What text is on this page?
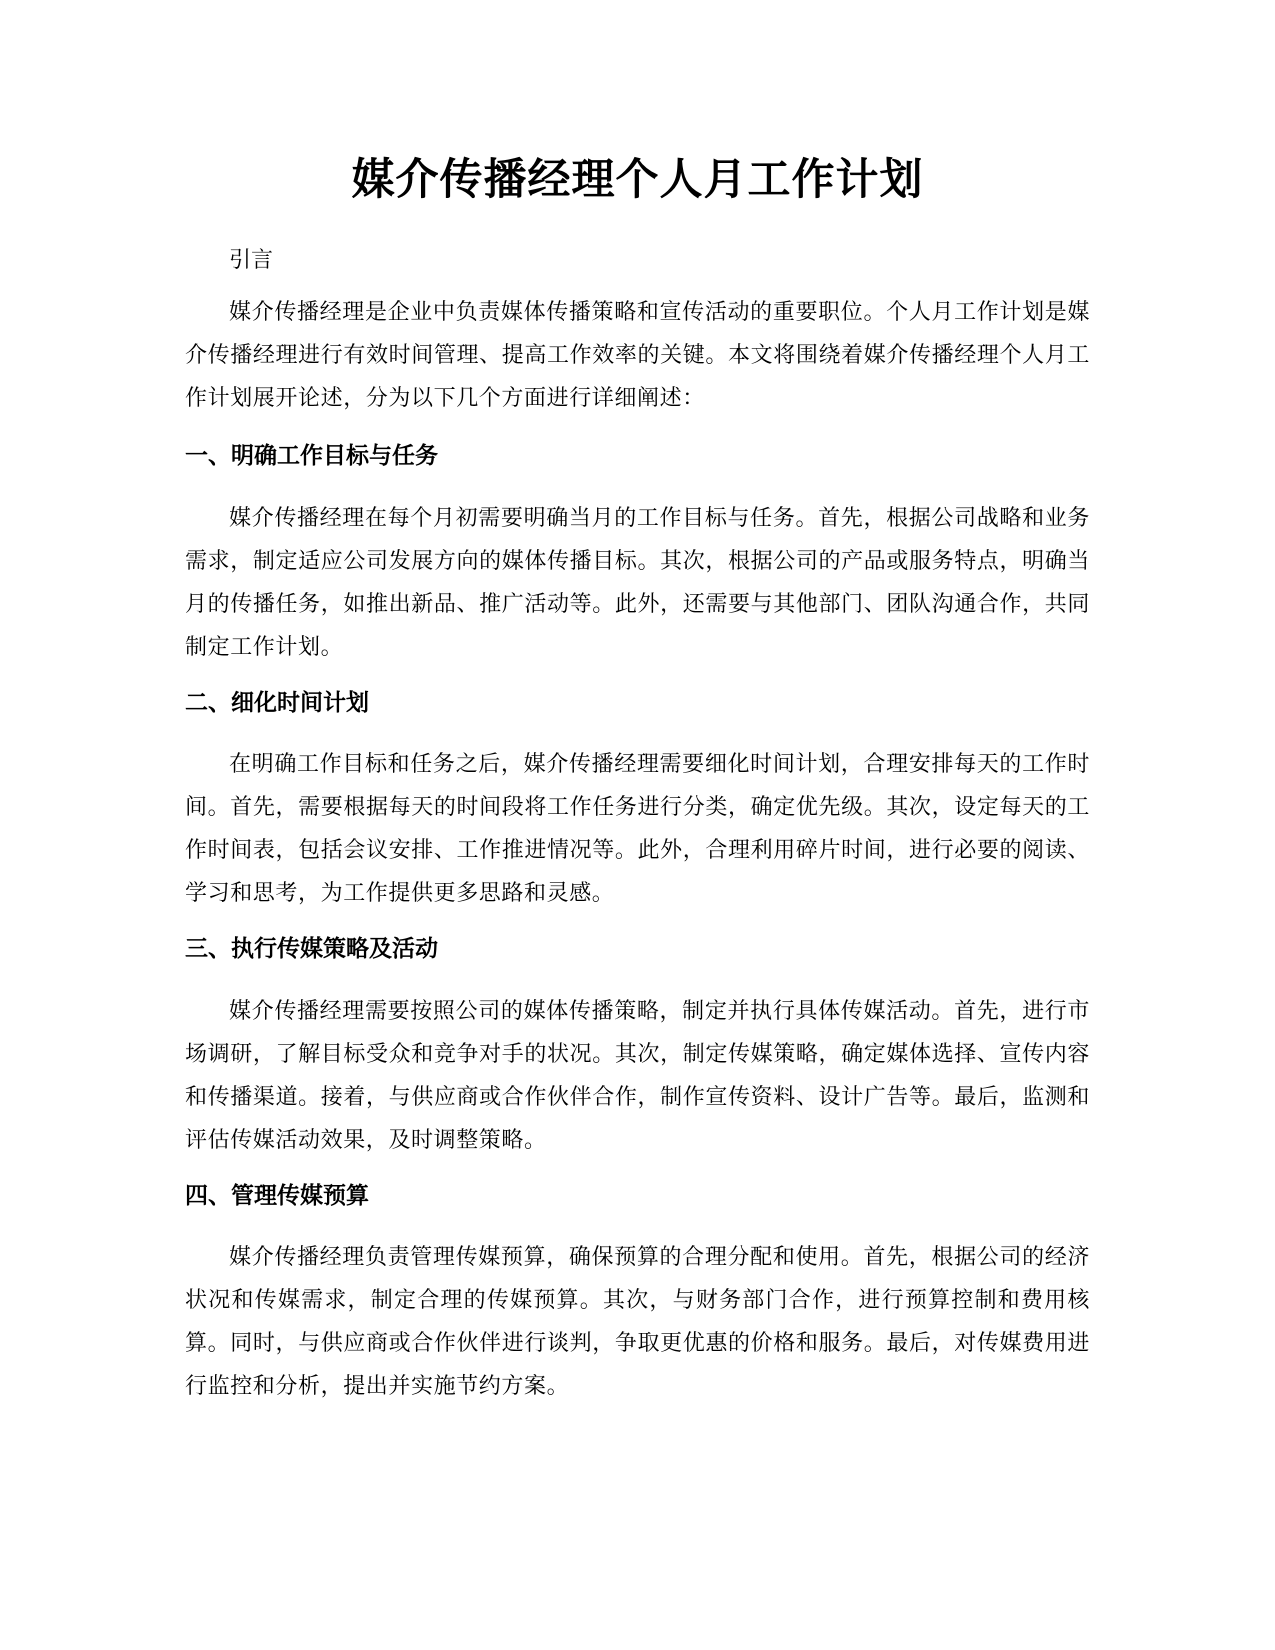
媒介传播经理个人月工作计划

引言

媒介传播经理是企业中负责媒体传播策略和宣传活动的重要职位。个人月工作计划是媒介传播经理进行有效时间管理、提高工作效率的关键。本文将围绕着媒介传播经理个人月工作计划展开论述，分为以下几个方面进行详细阐述：

一、明确工作目标与任务

媒介传播经理在每个月初需要明确当月的工作目标与任务。首先，根据公司战略和业务需求，制定适应公司发展方向的媒体传播目标。其次，根据公司的产品或服务特点，明确当月的传播任务，如推出新品、推广活动等。此外，还需要与其他部门、团队沟通合作，共同制定工作计划。

二、细化时间计划

在明确工作目标和任务之后，媒介传播经理需要细化时间计划，合理安排每天的工作时间。首先，需要根据每天的时间段将工作任务进行分类，确定优先级。其次，设定每天的工作时间表，包括会议安排、工作推进情况等。此外，合理利用碎片时间，进行必要的阅读、学习和思考，为工作提供更多思路和灵感。

三、执行传媒策略及活动

媒介传播经理需要按照公司的媒体传播策略，制定并执行具体传媒活动。首先，进行市场调研，了解目标受众和竞争对手的状况。其次，制定传媒策略，确定媒体选择、宣传内容和传播渠道。接着，与供应商或合作伙伴合作，制作宣传资料、设计广告等。最后，监测和评估传媒活动效果，及时调整策略。

四、管理传媒预算

媒介传播经理负责管理传媒预算，确保预算的合理分配和使用。首先，根据公司的经济状况和传媒需求，制定合理的传媒预算。其次，与财务部门合作，进行预算控制和费用核算。同时，与供应商或合作伙伴进行谈判，争取更优惠的价格和服务。最后，对传媒费用进行监控和分析，提出并实施节约方案。
